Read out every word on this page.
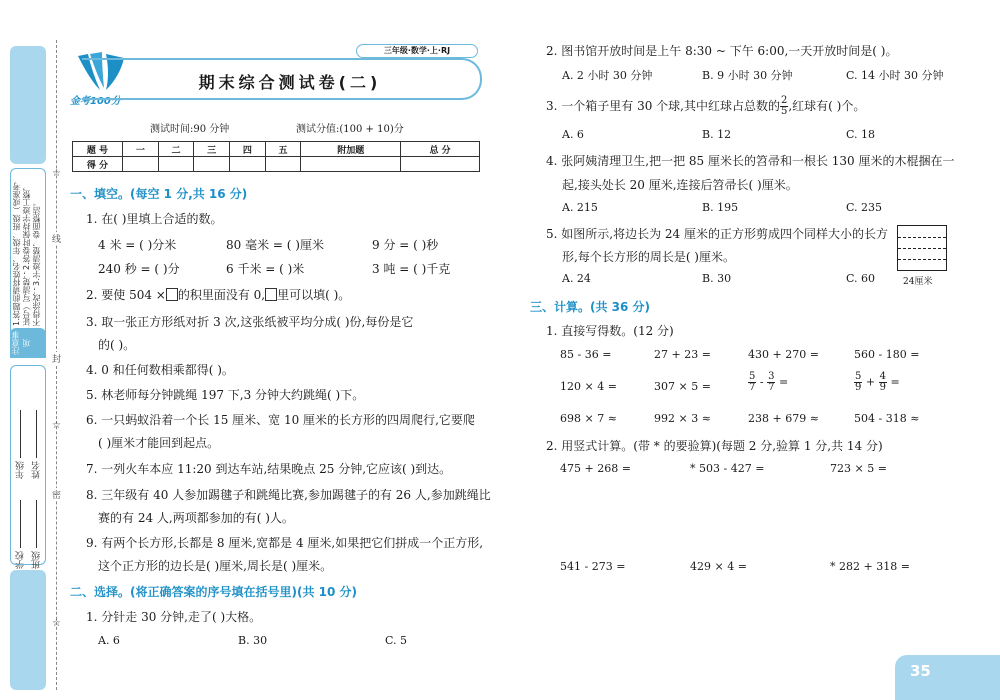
1.答题前请将姓名、年级、班级（或准考证号）写清楚；2.答卷时保持字迹工整，不得涂改；3.字迹清楚，卷面整洁。
注意事项
学校 班级
年级 姓名
☆
☆
☆
线
封
密
金考100分
三年级·数学·上·RJ
期末综合测试卷(二)
测试时间:90 分钟	测试分值:(100 + 10)分
题 号	一	二	三	四	五	附加题	总 分
得 分							
一、填空。(每空 1 分,共 16 分)
1. 在( )里填上合适的数。
4 米 = ( )分米	80 毫米 = ( )厘米	9 分 = ( )秒
240 秒 = ( )分	6 千米 = ( )米	3 吨 = ( )千克
2. 要使 504 × 的积里面没有 0, 里可以填( )。
3. 取一张正方形纸对折 3 次,这张纸被平均分成( )份,每份是它
的( )。
4. 0 和任何数相乘都得( )。
5. 林老师每分钟跳绳 197 下,3 分钟大约跳绳( )下。
6. 一只蚂蚁沿着一个长 15 厘米、宽 10 厘米的长方形的四周爬行,它要爬
( )厘米才能回到起点。
7. 一列火车本应 11:20 到达车站,结果晚点 25 分钟,它应该( )到达。
8. 三年级有 40 人参加踢毽子和跳绳比赛,参加踢毽子的有 26 人,参加跳绳比
赛的有 24 人,两项都参加的有( )人。
9. 有两个长方形,长都是 8 厘米,宽都是 4 厘米,如果把它们拼成一个正方形,
这个正方形的边长是( )厘米,周长是( )厘米。
二、选择。(将正确答案的序号填在括号里)(共 10 分)
1. 分针走 30 分钟,走了( )大格。
A. 6	B. 30	C. 5
2. 图书馆开放时间是上午 8:30 ~ 下午 6:00,一天开放时间是( )。
A. 2 小时 30 分钟	B. 9 小时 30 分钟	C. 14 小时 30 分钟
3. 一个箱子里有 30 个球,其中红球占总数的 $\frac{2}{5}$ ,红球有( )个。
A. 6	B. 12	C. 18
4. 张阿姨清理卫生,把一把 85 厘米长的笤帚和一根长 130 厘米的木棍捆在一
起,接头处长 20 厘米,连接后笤帚长( )厘米。
A. 215	B. 195	C. 235
5. 如图所示,将边长为 24 厘米的正方形剪成四个同样大小的长方
形,每个长方形的周长是( )厘米。
A. 24	B. 30	C. 60	24厘米
三、计算。(共 36 分)
1. 直接写得数。(12 分)
85 - 36 =	27 + 23 =	430 + 270 =	560 - 180 =
120 × 4 =	307 × 5 =	$\frac{5}{7} - \frac{3}{7}$ =	$\frac{5}{9} + \frac{4}{9}$ =
698 × 7 ≈	992 × 3 ≈	238 + 679 ≈	504 - 318 ≈
2. 用竖式计算。(带 * 的要验算)(每题 2 分,验算 1 分,共 14 分)
475 + 268 =	* 503 - 427 =	723 × 5 =
541 - 273 =	429 × 4 =	* 282 + 318 =
35
